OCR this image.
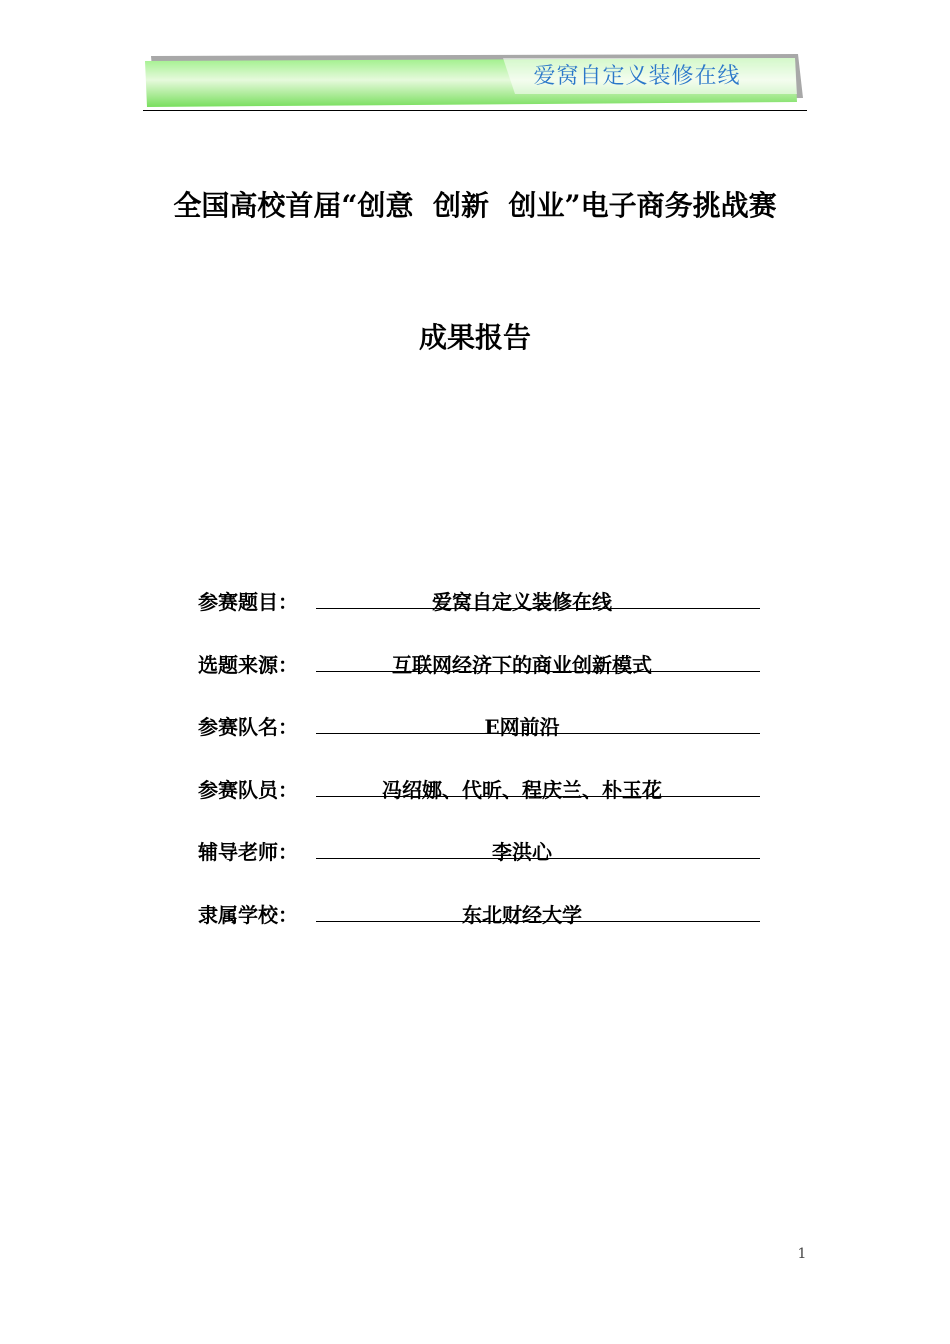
爱窝自定义装修在线
全国高校首届“创意  创新  创业”电子商务挑战赛
成果报告
参赛题目：	爱窝自定义装修在线
选题来源：	互联网经济下的商业创新模式
参赛队名：	E网前沿
参赛队员：	冯绍娜、代昕、程庆兰、朴玉花
辅导老师：	李洪心
隶属学校：	东北财经大学
1
